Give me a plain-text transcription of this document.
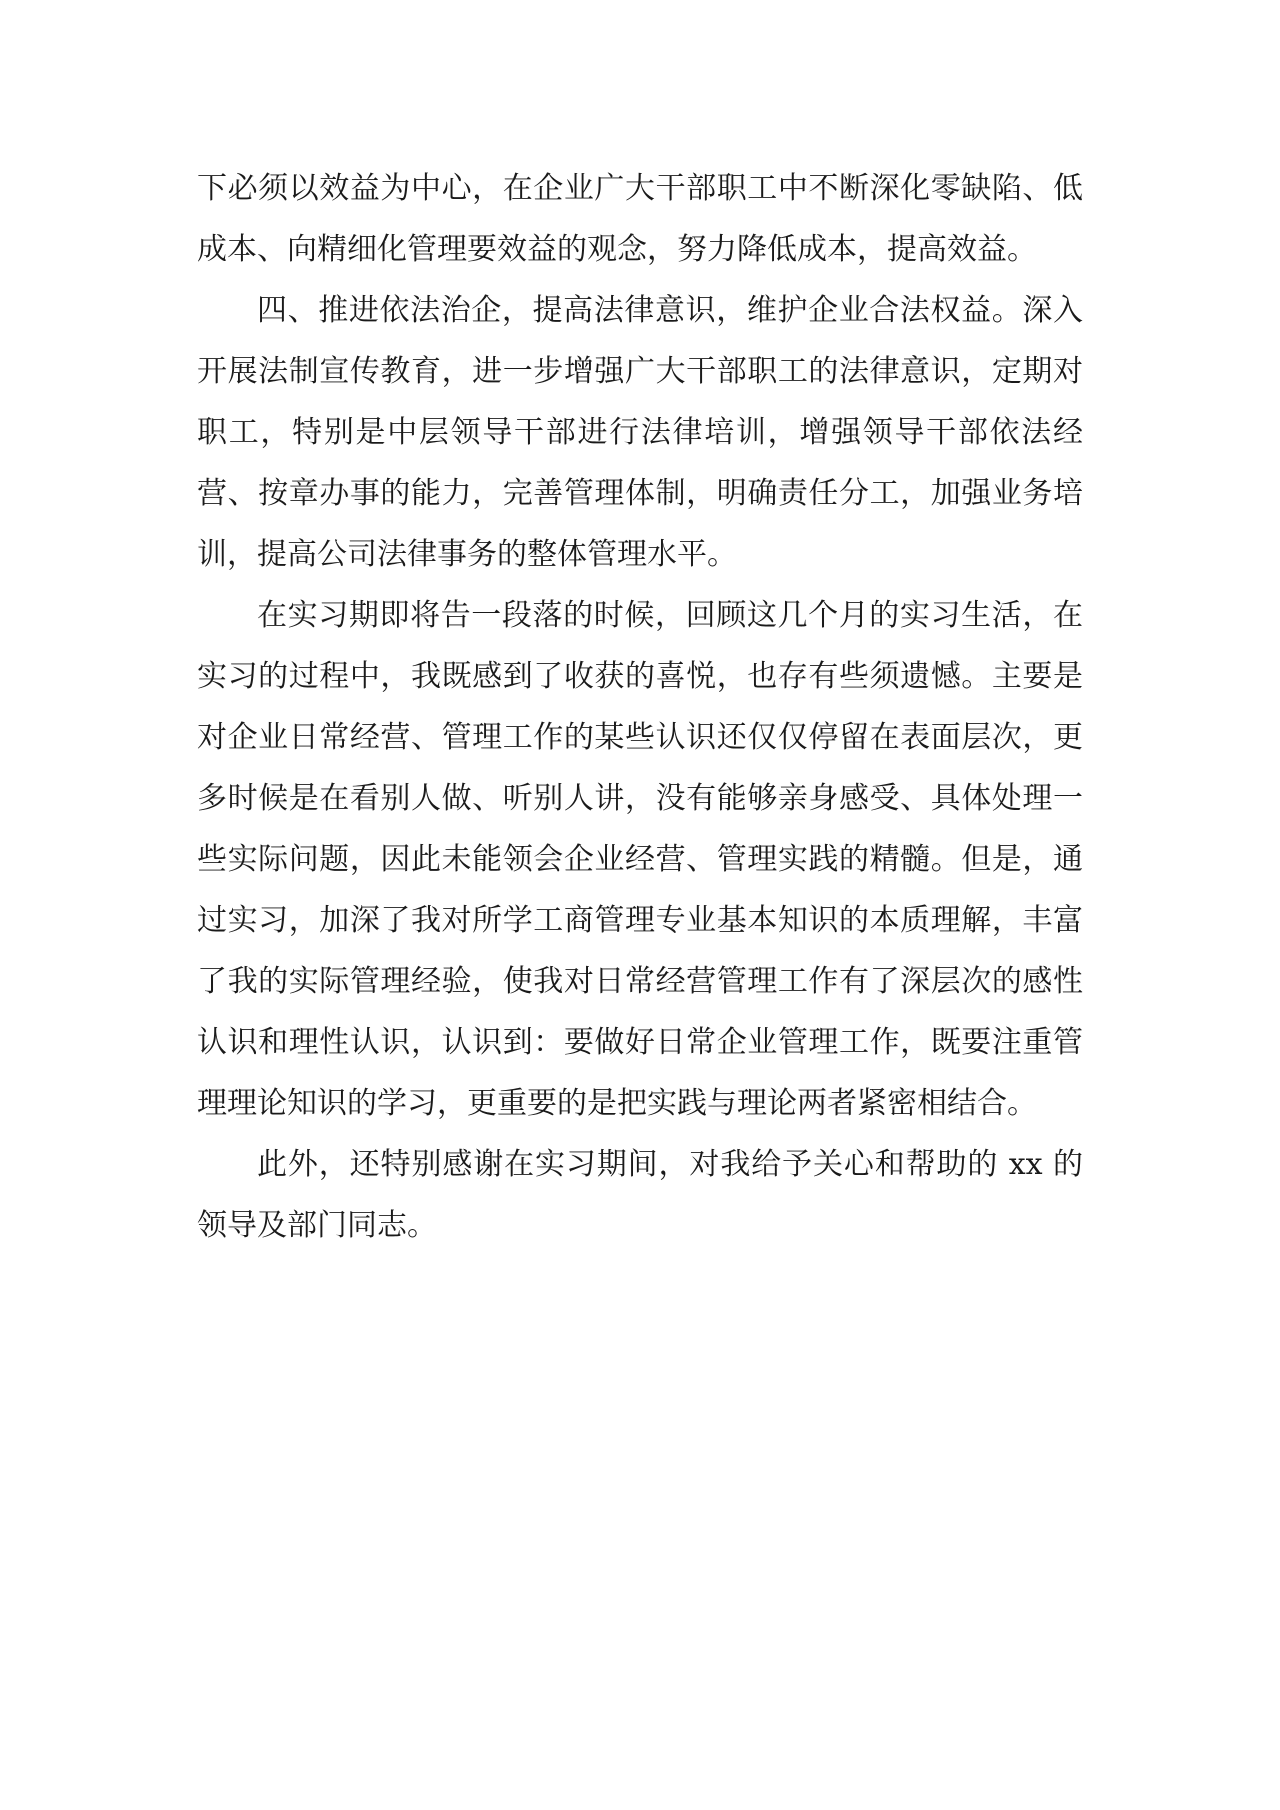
下必须以效益为中心，在企业广大干部职工中不断深化零缺陷、低成本、向精细化管理要效益的观念，努力降低成本，提高效益。

四、推进依法治企，提高法律意识，维护企业合法权益。深入开展法制宣传教育，进一步增强广大干部职工的法律意识，定期对职工，特别是中层领导干部进行法律培训，增强领导干部依法经营、按章办事的能力，完善管理体制，明确责任分工，加强业务培训，提高公司法律事务的整体管理水平。

在实习期即将告一段落的时候，回顾这几个月的实习生活，在实习的过程中，我既感到了收获的喜悦，也存有些须遗憾。主要是对企业日常经营、管理工作的某些认识还仅仅停留在表面层次，更多时候是在看别人做、听别人讲，没有能够亲身感受、具体处理一些实际问题，因此未能领会企业经营、管理实践的精髓。但是，通过实习，加深了我对所学工商管理专业基本知识的本质理解，丰富了我的实际管理经验，使我对日常经营管理工作有了深层次的感性认识和理性认识，认识到：要做好日常企业管理工作，既要注重管理理论知识的学习，更重要的是把实践与理论两者紧密相结合。

此外，还特别感谢在实习期间，对我给予关心和帮助的 xx 的领导及部门同志。
